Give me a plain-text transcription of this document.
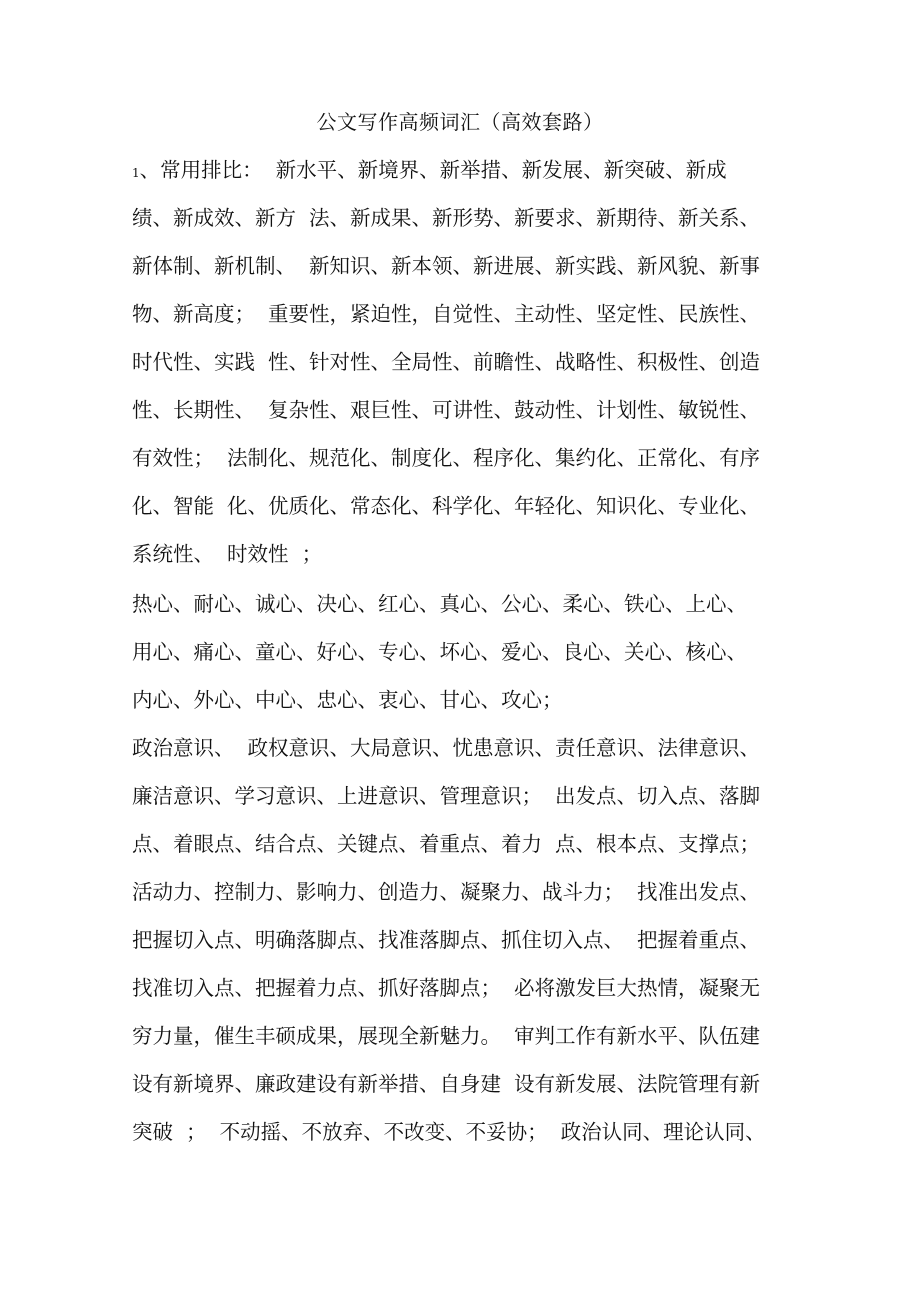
公文写作高频词汇（高效套路）
1、常用排比：  新水平、新境界、新举措、新发展、新突破、新成
绩、新成效、新方  法、新成果、新形势、新要求、新期待、新关系、
新体制、新机制、  新知识、新本领、新进展、新实践、新风貌、新事
物、新高度；  重要性，紧迫性，自觉性、主动性、坚定性、民族性、
时代性、实践  性、针对性、全局性、前瞻性、战略性、积极性、创造
性、长期性、  复杂性、艰巨性、可讲性、鼓动性、计划性、敏锐性、
有效性；  法制化、规范化、制度化、程序化、集约化、正常化、有序
化、智能  化、优质化、常态化、科学化、年轻化、知识化、专业化、
系统性、  时效性  ；
热心、耐心、诚心、决心、红心、真心、公心、柔心、铁心、上心、
用心、痛心、童心、好心、专心、坏心、爱心、良心、关心、核心、
内心、外心、中心、忠心、衷心、甘心、攻心；
政治意识、  政权意识、大局意识、忧患意识、责任意识、法律意识、
廉洁意识、学习意识、上进意识、管理意识；  出发点、切入点、落脚
点、着眼点、结合点、关键点、着重点、着力  点、根本点、支撑点；
活动力、控制力、影响力、创造力、凝聚力、战斗力；  找准出发点、
把握切入点、明确落脚点、找准落脚点、抓住切入点、  把握着重点、
找准切入点、把握着力点、抓好落脚点；  必将激发巨大热情，凝聚无
穷力量，催生丰硕成果，展现全新魅力。  审判工作有新水平、队伍建
设有新境界、廉政建设有新举措、自身建  设有新发展、法院管理有新
突破  ；  不动摇、不放弃、不改变、不妥协；  政治认同、理论认同、
